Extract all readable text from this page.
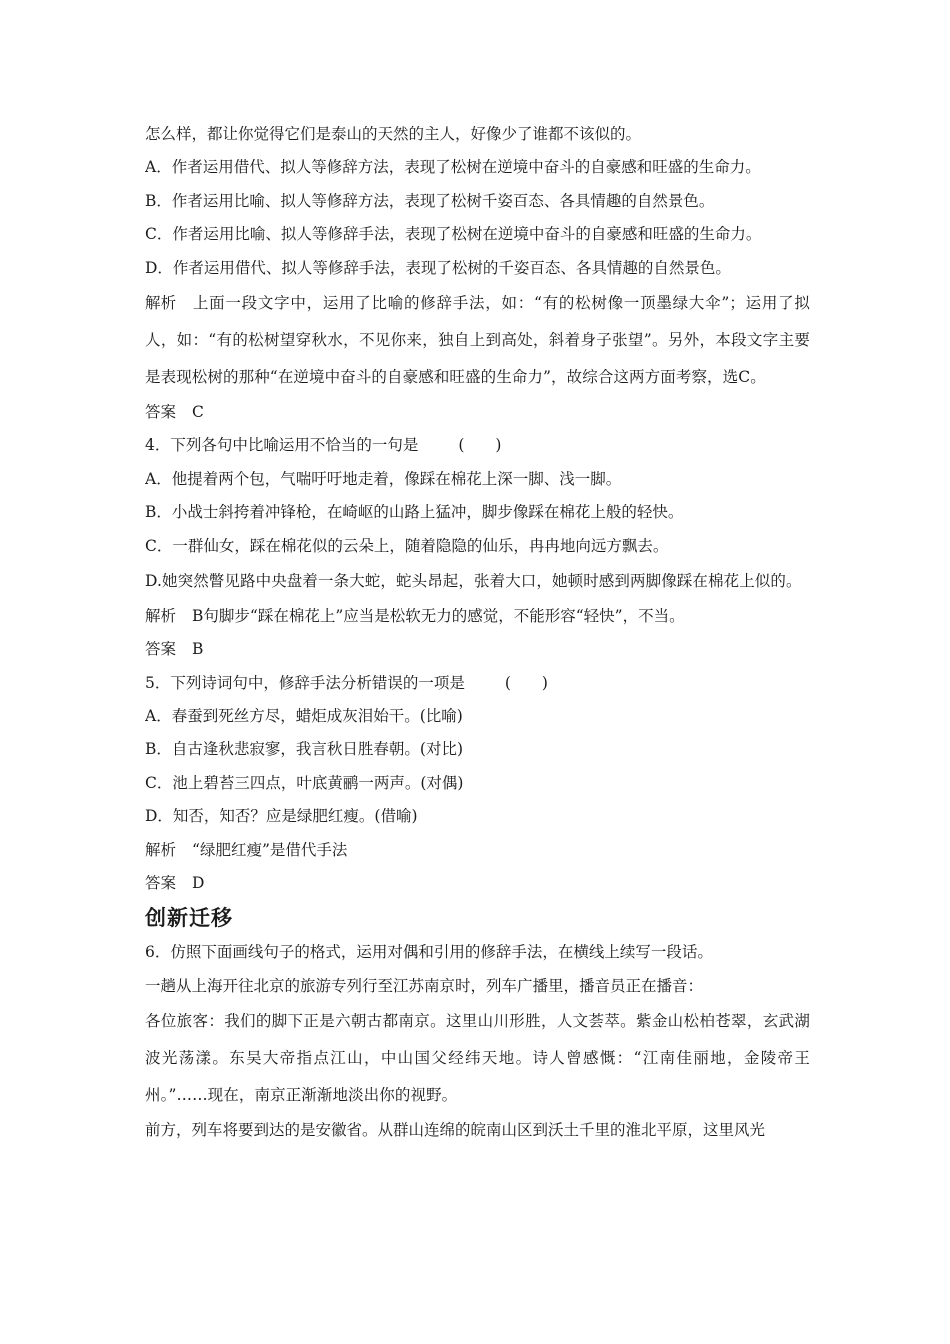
怎么样，都让你觉得它们是泰山的天然的主人，好像少了谁都不该似的。
A．作者运用借代、拟人等修辞方法，表现了松树在逆境中奋斗的自豪感和旺盛的生命力。
B．作者运用比喻、拟人等修辞方法，表现了松树千姿百态、各具情趣的自然景色。
C．作者运用比喻、拟人等修辞手法，表现了松树在逆境中奋斗的自豪感和旺盛的生命力。
D．作者运用借代、拟人等修辞手法，表现了松树的千姿百态、各具情趣的自然景色。
解析 上面一段文字中，运用了比喻的修辞手法，如：“有的松树像一顶墨绿大伞”；运用了拟人，如：“有的松树望穿秋水，不见你来，独自上到高处，斜着身子张望”。另外，本段文字主要是表现松树的那种“在逆境中奋斗的自豪感和旺盛的生命力”，故综合这两方面考察，选C。
答案 C
4．下列各句中比喻运用不恰当的一句是	(　　)
A．他提着两个包，气喘吁吁地走着，像踩在棉花上深一脚、浅一脚。
B．小战士斜挎着冲锋枪，在崎岖的山路上猛冲，脚步像踩在棉花上般的轻快。
C．一群仙女，踩在棉花似的云朵上，随着隐隐的仙乐，冉冉地向远方飘去。
D.她突然瞥见路中央盘着一条大蛇，蛇头昂起，张着大口，她顿时感到两脚像踩在棉花上似的。
解析 B句脚步“踩在棉花上”应当是松软无力的感觉，不能形容“轻快”，不当。
答案 B
5．下列诗词句中，修辞手法分析错误的一项是	(　　)
A．春蚕到死丝方尽，蜡炬成灰泪始干。(比喻)
B．自古逢秋悲寂寥，我言秋日胜春朝。(对比)
C．池上碧苔三四点，叶底黄鹂一两声。(对偶)
D．知否，知否？应是绿肥红瘦。(借喻)
解析 “绿肥红瘦”是借代手法
答案 D
创新迁移
6．仿照下面画线句子的格式，运用对偶和引用的修辞手法，在横线上续写一段话。
一趟从上海开往北京的旅游专列行至江苏南京时，列车广播里，播音员正在播音：
各位旅客：我们的脚下正是六朝古都南京。这里山川形胜，人文荟萃。紫金山松柏苍翠，玄武湖波光荡漾。东吴大帝指点江山，中山国父经纬天地。诗人曾感慨：“江南佳丽地，金陵帝王州。”……现在，南京正渐渐地淡出你的视野。
前方，列车将要到达的是安徽省。从群山连绵的皖南山区到沃土千里的淮北平原，这里风光
